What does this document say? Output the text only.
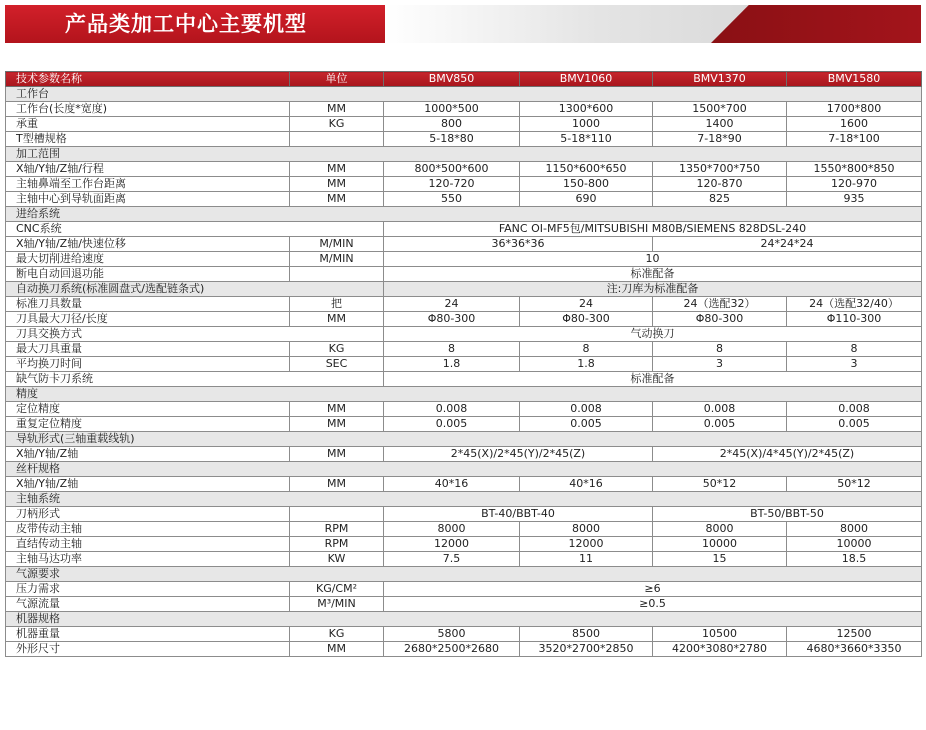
产品类加工中心主要机型
技术参数名称	单位	BMV850	BMV1060	BMV1370	BMV1580
工作台					
工作台(长度*宽度)	MM	1000*500	1300*600	1500*700	1700*800
承重	KG	800	1000	1400	1600
T型槽规格		5-18*80	5-18*110	7-18*90	7-18*100
加工范围					
X轴/Y轴/Z轴/行程	MM	800*500*600	1150*600*650	1350*700*750	1550*800*850
主轴鼻端至工作台距离	MM	120-720	150-800	120-870	120-970
主轴中心到导轨面距离	MM	550	690	825	935
进给系统					
CNC系统		FANC OI-MF5包/MITSUBISHI M80B/SIEMENS 828DSL-240			
X轴/Y轴/Z轴/快速位移	M/MIN	36*36*36		24*24*24	
最大切削进给速度	M/MIN	10			
断电自动回退功能		标准配备			
自动换刀系统(标准圆盘式/选配链条式)		注:刀库为标准配备			
标准刀具数量	把	24	24	24（选配32）	24（选配32/40）
刀具最大刀径/长度	MM	Φ80-300	Φ80-300	Φ80-300	Φ110-300
刀具交换方式		气动换刀			
最大刀具重量	KG	8	8	8	8
平均换刀时间	SEC	1.8	1.8	3	3
缺气防卡刀系统		标准配备			
精度					
定位精度	MM	0.008	0.008	0.008	0.008
重复定位精度	MM	0.005	0.005	0.005	0.005
导轨形式(三轴重载线轨)					
X轴/Y轴/Z轴	MM	2*45(X)/2*45(Y)/2*45(Z)		2*45(X)/4*45(Y)/2*45(Z)	
丝杆规格					
X轴/Y轴/Z轴	MM	40*16	40*16	50*12	50*12
主轴系统					
刀柄形式		BT-40/BBT-40		BT-50/BBT-50	
皮带传动主轴	RPM	8000	8000	8000	8000
直结传动主轴	RPM	12000	12000	10000	10000
主轴马达功率	KW	7.5	11	15	18.5
气源要求					
压力需求	KG/CM²	≥6			
气源流量	M³/MIN	≥0.5			
机器规格					
机器重量	KG	5800	8500	10500	12500
外形尺寸	MM	2680*2500*2680	3520*2700*2850	4200*3080*2780	4680*3660*3350
